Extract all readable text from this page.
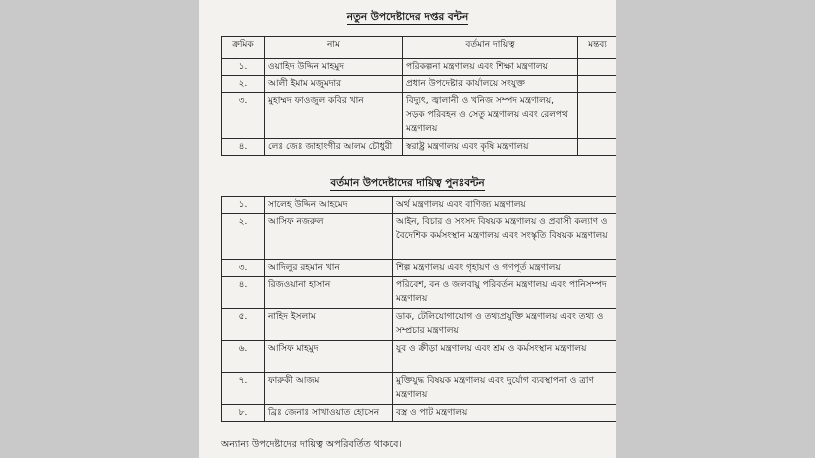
নতুন উপদেষ্টাদের দপ্তর বন্টন
ক্রমিক	নাম	বর্তমান দায়িত্ব	মন্তব্য
১.	ওয়াহিদ উদ্দিন মাহমুদ	পরিকল্পনা মন্ত্রণালয় এবং শিক্ষা মন্ত্রণালয়	
২.	আলী ইমাম মজুমদার	প্রধান উপদেষ্টার কার্যালয়ে সংযুক্ত	
৩.	মুহাম্মদ ফাওজুল কবির খান	বিদ্যুৎ, জ্বালানী ও খনিজ সম্পদ মন্ত্রণালয়, সড়ক পরিবহন ও সেতু মন্ত্রণালয় এবং রেলপথ মন্ত্রণালয়	
৪.	লেঃ জেঃ জাহাংগীর আলম চৌধুরী	স্বরাষ্ট্র মন্ত্রণালয় এবং কৃষি মন্ত্রণালয়	
বর্তমান উপদেষ্টাদের দায়িত্ব পুনঃবন্টন
১.	সালেহ উদ্দিন আহমেদ	অর্থ মন্ত্রণালয় এবং বাণিজ্য মন্ত্রণালয়
২.	আসিফ নজরুল	আইন, বিচার ও সংসদ বিষয়ক মন্ত্রণালয় ও প্রবাসী কল্যাণ ও বৈদেশিক কর্মসংস্থান মন্ত্রণালয় এবং সংস্কৃতি বিষয়ক মন্ত্রণালয়
৩.	আদিলুর রহমান খান	শিল্প মন্ত্রণালয় এবং গৃহায়ণ ও গণপূর্ত মন্ত্রণালয়
৪.	রিজওয়ানা হাসান	পরিবেশ, বন ও জলবায়ু পরিবর্তন মন্ত্রণালয় এবং পানিসম্পদ মন্ত্রণালয়
৫.	নাহিদ ইসলাম	ডাক, টেলিযোগাযোগ ও তথ্যপ্রযুক্তি মন্ত্রণালয় এবং তথ্য ও সম্প্রচার মন্ত্রণালয়
৬.	আসিফ মাহমুদ	যুব ও ক্রীড়া মন্ত্রণালয় এবং শ্রম ও কর্মসংস্থান মন্ত্রণালয়
৭.	ফারুকী আজম	মুক্তিযুদ্ধ বিষয়ক মন্ত্রণালয় এবং দুর্যোগ ব্যবস্থাপনা ও ত্রাণ মন্ত্রণালয়
৮.	ব্রিঃ জেনাঃ সাখাওয়াত হোসেন	বস্ত্র ও পাট মন্ত্রণালয়
অন্যান্য উপদেষ্টাদের দায়িত্ব অপরিবর্তিত থাকবে।
